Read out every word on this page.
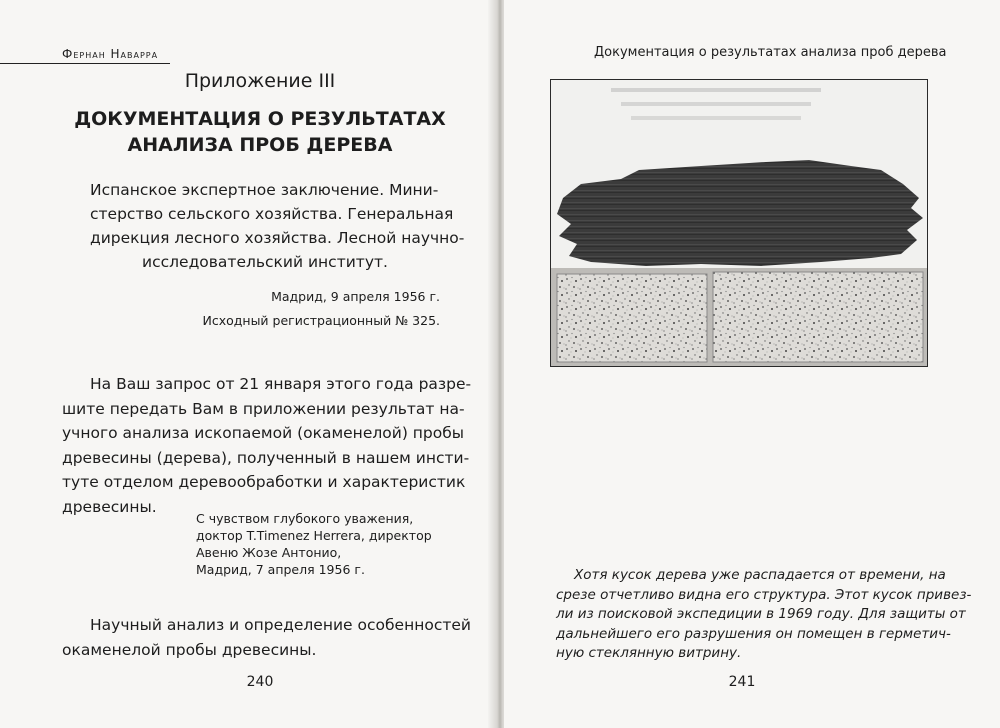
Фернан Наварра
Приложение III
ДОКУМЕНТАЦИЯ О РЕЗУЛЬТАТАХ
АНАЛИЗА ПРОБ ДЕРЕВА

Испанское экспертное заключение. Мини-
стерство сельского хозяйства. Генеральная
дирекция лесного хозяйства. Лесной научно-
исследовательский институт.

Мадрид, 9 апреля 1956 г.
Исходный регистрационный № 325.

На Ваш запрос от 21 января этого года разре-
шите передать Вам в приложении результат на-
учного анализа ископаемой (окаменелой) пробы
древесины (дерева), полученный в нашем инсти-
туте отделом деревообработки и характеристик
древесины.

С чувством глубокого уважения,
доктор T.Timenez Herrera, директор
Авеню Жозе Антонио,
Мадрид, 7 апреля 1956 г.

Научный анализ и определение особенностей
окаменелой пробы древесины.

240
Документация о результатах анализа проб дерева

Хотя кусок дерева уже распадается от времени, на
срезе отчетливо видна его структура. Этот кусок привез-
ли из поисковой экспедиции в 1969 году. Для защиты от
дальнейшего его разрушения он помещен в герметич-
ную стеклянную витрину.

241
